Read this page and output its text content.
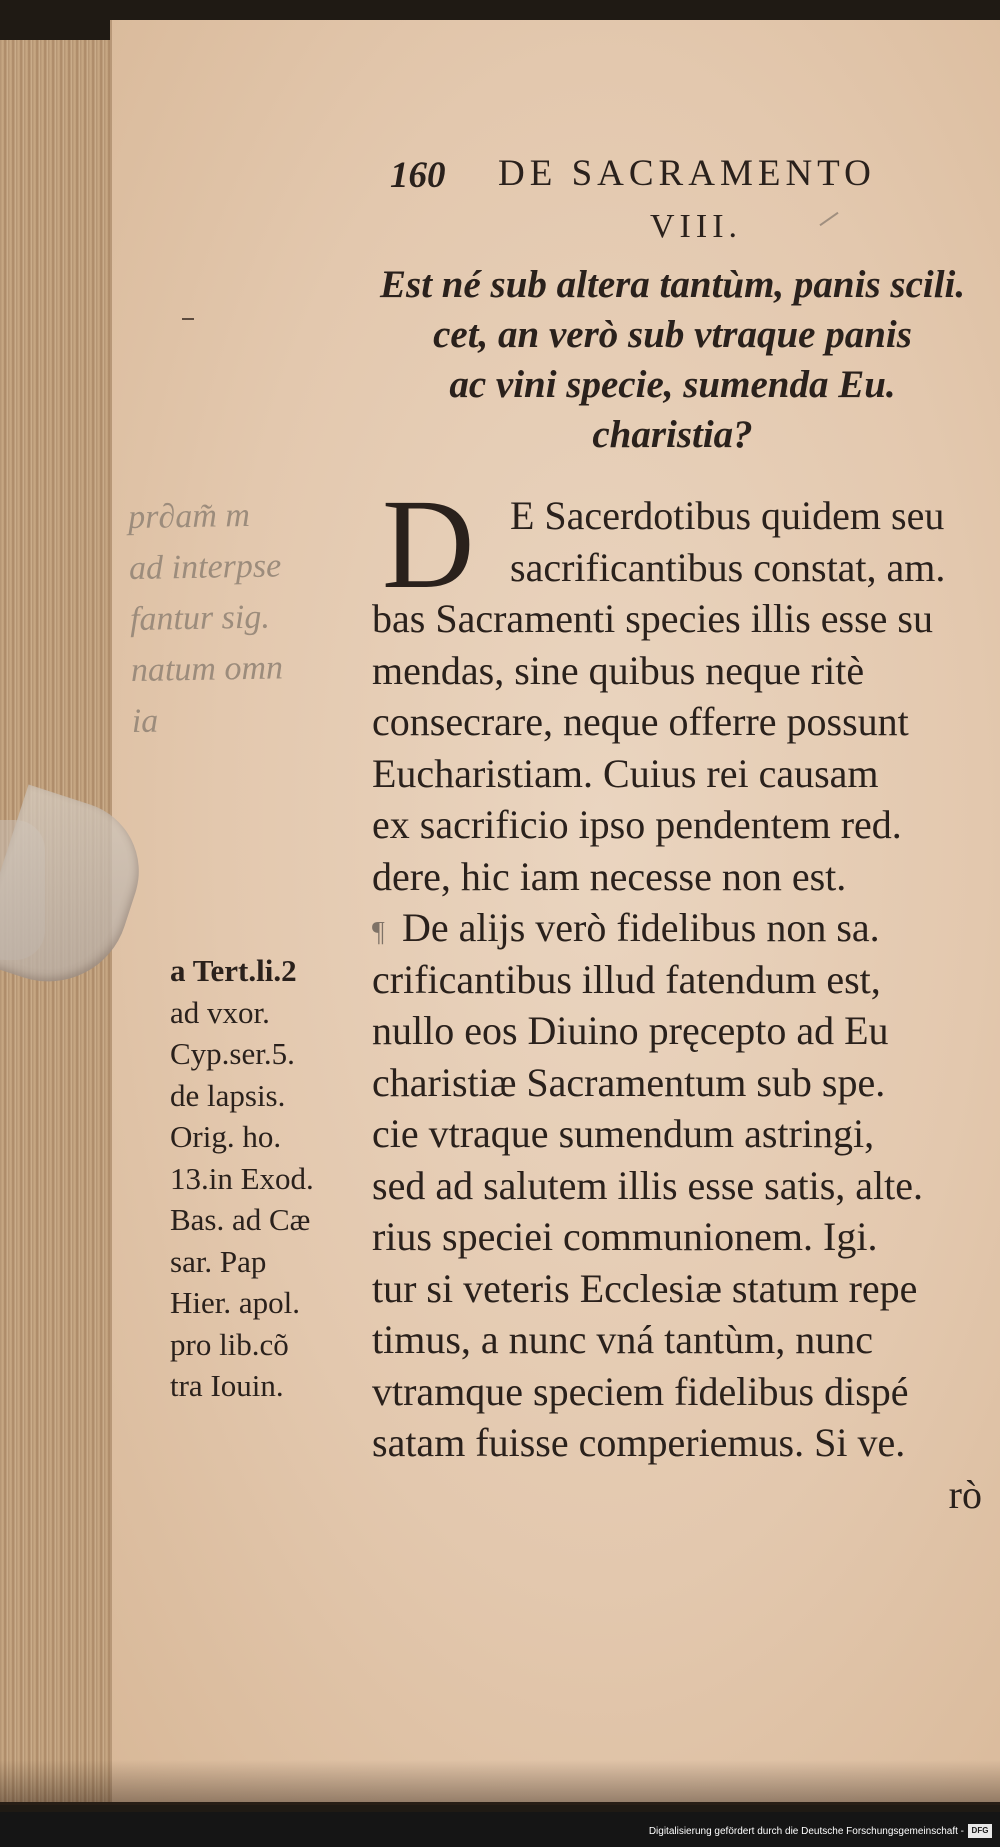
160 DE SACRAMENTO
VIII.
Est né sub altera tantùm, panis scili.
cet, an verò sub vtraque panis
ac vini specie, sumenda Eu.
charistia?
pr∂am̃ m
ad interpse
fantur sig.
natum omn
ia
D E Sacerdotibus quidem seu
sacrificantibus constat, am.
bas Sacramenti species illis esse su
mendas, sine quibus neque ritè
consecrare, neque offerre possunt
Eucharistiam. Cuius rei causam
ex sacrificio ipso pendentem red.
dere, hic iam necesse non est.
¶ De alijs verò fidelibus non sa.
crificantibus illud fatendum est,
nullo eos Diuino pręcepto ad Eu
charistiæ Sacramentum sub spe.
cie vtraque sumendum astringi,
sed ad salutem illis esse satis, alte.
rius speciei communionem. Igi.
tur si veteris Ecclesiæ statum repe
timus, a nunc vná tantùm, nunc
vtramque speciem fidelibus dispé
satam fuisse comperiemus. Si ve.
rò
a Tert.li.2
ad vxor.
Cyp.ser.5.
de lapsis.
Orig. ho.
13.in Exod.
Bas. ad Cæ
sar. Pap
Hier. apol.
pro lib.cõ
tra Iouin.
Digitalisierung gefördert durch die Deutsche Forschungsgemeinschaft - DFG
